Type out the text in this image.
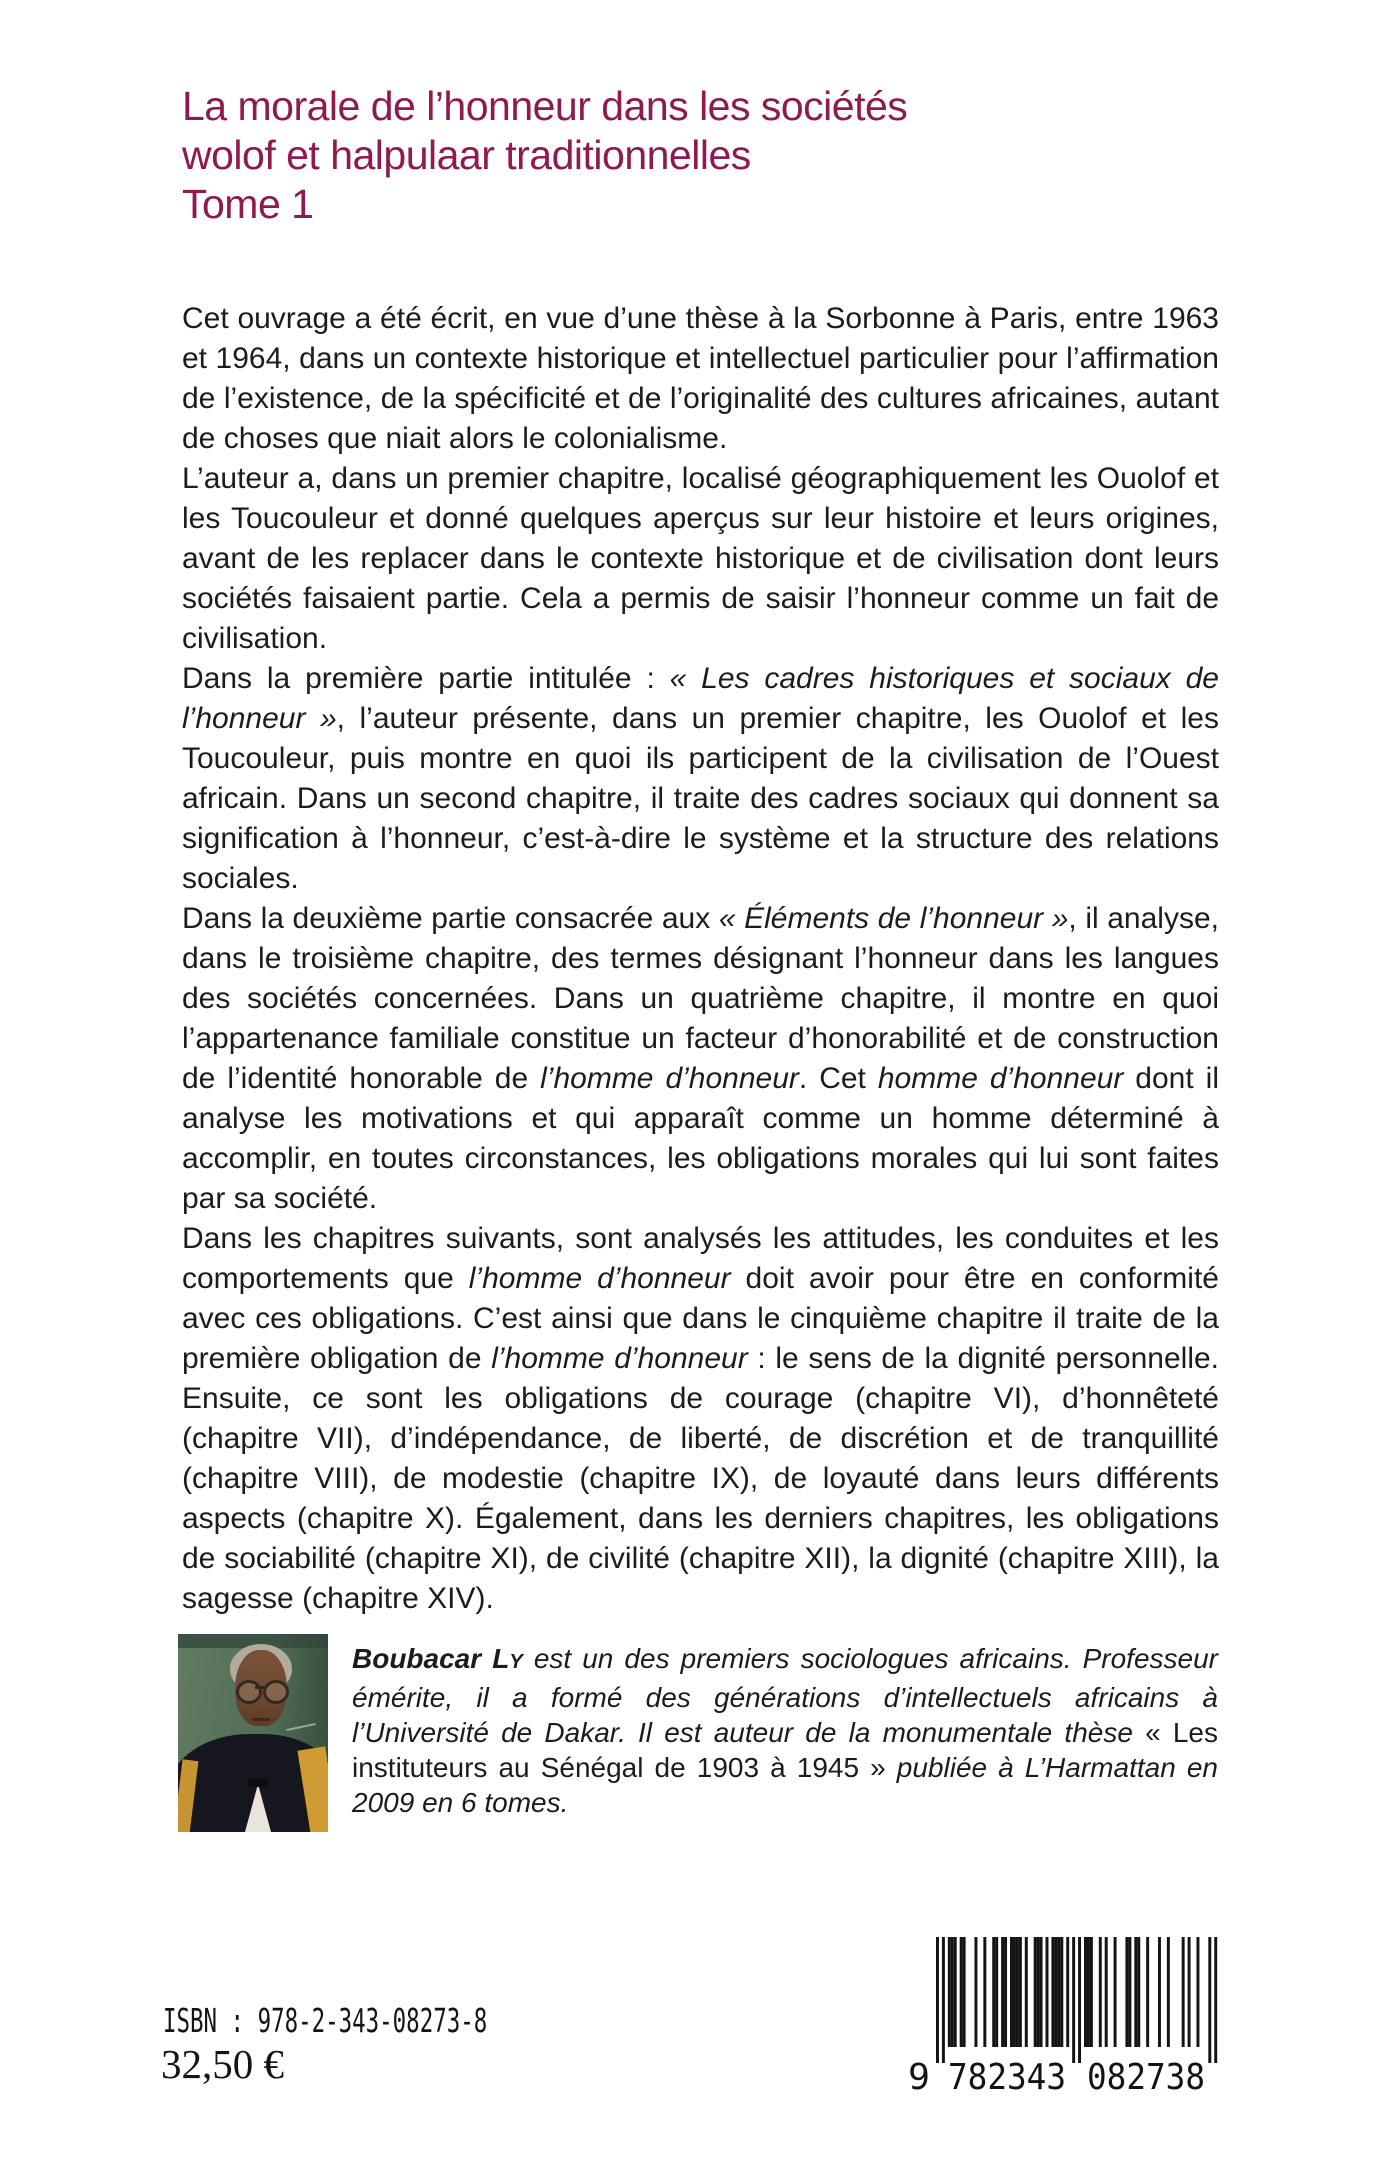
La morale de l’honneur dans les sociétés
wolof et halpulaar traditionnelles
Tome 1

Cet ouvrage a été écrit, en vue d’une thèse à la Sorbonne à Paris, entre 1963 et 1964, dans un contexte historique et intellectuel particulier pour l’affirmation de l’existence, de la spécificité et de l’originalité des cultures africaines, autant de choses que niait alors le colonialisme.

L’auteur a, dans un premier chapitre, localisé géographiquement les Ouolof et les Toucouleur et donné quelques aperçus sur leur histoire et leurs origines, avant de les replacer dans le contexte historique et de civilisation dont leurs sociétés faisaient partie. Cela a permis de saisir l’honneur comme un fait de civilisation.

Dans la première partie intitulée : « Les cadres historiques et sociaux de l’honneur », l’auteur présente, dans un premier chapitre, les Ouolof et les Toucouleur, puis montre en quoi ils participent de la civilisation de l’Ouest africain. Dans un second chapitre, il traite des cadres sociaux qui donnent sa signification à l’honneur, c’est-à-dire le système et la structure des relations sociales.

Dans la deuxième partie consacrée aux « Éléments de l’honneur », il analyse, dans le troisième chapitre, des termes désignant l’honneur dans les langues des sociétés concernées. Dans un quatrième chapitre, il montre en quoi l’appartenance familiale constitue un facteur d’honorabilité et de construction de l’identité honorable de l’homme d’honneur. Cet homme d’honneur dont il analyse les motivations et qui apparaît comme un homme déterminé à accomplir, en toutes circonstances, les obligations morales qui lui sont faites par sa société.

Dans les chapitres suivants, sont analysés les attitudes, les conduites et les comportements que l’homme d’honneur doit avoir pour être en conformité avec ces obligations. C’est ainsi que dans le cinquième chapitre il traite de la première obligation de l’homme d’honneur : le sens de la dignité personnelle. Ensuite, ce sont les obligations de courage (chapitre VI), d’honnêteté (chapitre VII), d’indépendance, de liberté, de discrétion et de tranquillité (chapitre VIII), de modestie (chapitre IX), de loyauté dans leurs différents aspects (chapitre X). Également, dans les derniers chapitres, les obligations de sociabilité (chapitre XI), de civilité (chapitre XII), la dignité (chapitre XIII), la sagesse (chapitre XIV).

Boubacar LY est un des premiers sociologues africains. Professeur émérite, il a formé des générations d’intellectuels africains à l’Université de Dakar. Il est auteur de la monumentale thèse « Les instituteurs au Sénégal de 1903 à 1945 » publiée à L’Harmattan en 2009 en 6 tomes.
ISBN : 978-2-343-08273-8
32,50 €	9 782343 082738
